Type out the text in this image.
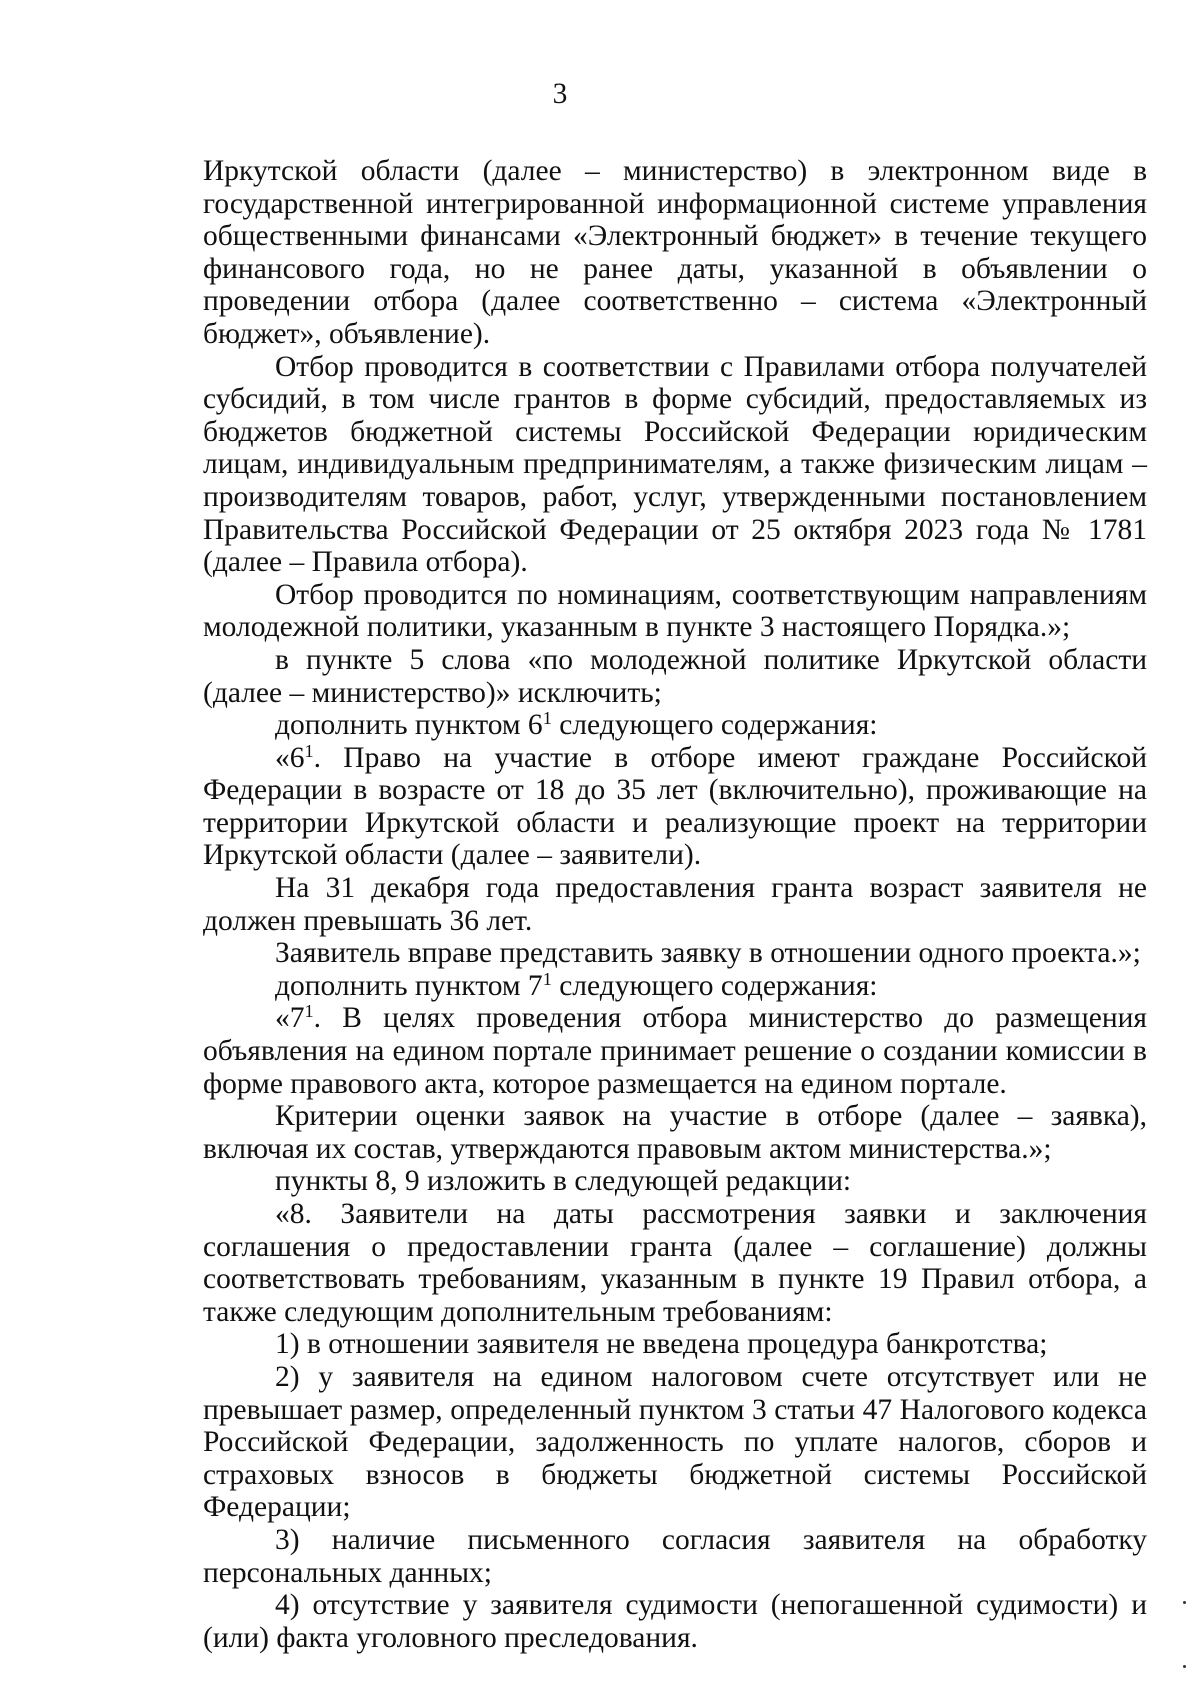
3

Иркутской области (далее – министерство) в электронном виде в государственной интегрированной информационной системе управления общественными финансами «Электронный бюджет» в течение текущего финансового года, но не ранее даты, указанной в объявлении о проведении отбора (далее соответственно – система «Электронный бюджет», объявление).

Отбор проводится в соответствии с Правилами отбора получателей субсидий, в том числе грантов в форме субсидий, предоставляемых из бюджетов бюджетной системы Российской Федерации юридическим лицам, индивидуальным предпринимателям, а также физическим лицам – производителям товаров, работ, услуг, утвержденными постановлением Правительства Российской Федерации от 25 октября 2023 года № 1781 (далее – Правила отбора).

Отбор проводится по номинациям, соответствующим направлениям молодежной политики, указанным в пункте 3 настоящего Порядка.»;

в пункте 5 слова «по молодежной политике Иркутской области (далее – министерство)» исключить;

дополнить пунктом $6^1$ следующего содержания:

«$6^1$. Право на участие в отборе имеют граждане Российской Федерации в возрасте от 18 до 35 лет (включительно), проживающие на территории Иркутской области и реализующие проект на территории Иркутской области (далее – заявители).

На 31 декабря года предоставления гранта возраст заявителя не должен превышать 36 лет.

Заявитель вправе представить заявку в отношении одного проекта.»;

дополнить пунктом $7^1$ следующего содержания:

«$7^1$. В целях проведения отбора министерство до размещения объявления на едином портале принимает решение о создании комиссии в форме правового акта, которое размещается на едином портале.

Критерии оценки заявок на участие в отборе (далее – заявка), включая их состав, утверждаются правовым актом министерства.»;

пункты 8, 9 изложить в следующей редакции:

«8. Заявители на даты рассмотрения заявки и заключения соглашения о предоставлении гранта (далее – соглашение) должны соответствовать требованиям, указанным в пункте 19 Правил отбора, а также следующим дополнительным требованиям:

1) в отношении заявителя не введена процедура банкротства;

2) у заявителя на едином налоговом счете отсутствует или не превышает размер, определенный пунктом 3 статьи 47 Налогового кодекса Российской Федерации, задолженность по уплате налогов, сборов и страховых взносов в бюджеты бюджетной системы Российской Федерации;

3) наличие письменного согласия заявителя на обработку персональных данных;

4) отсутствие у заявителя судимости (непогашенной судимости) и (или) факта уголовного преследования.
